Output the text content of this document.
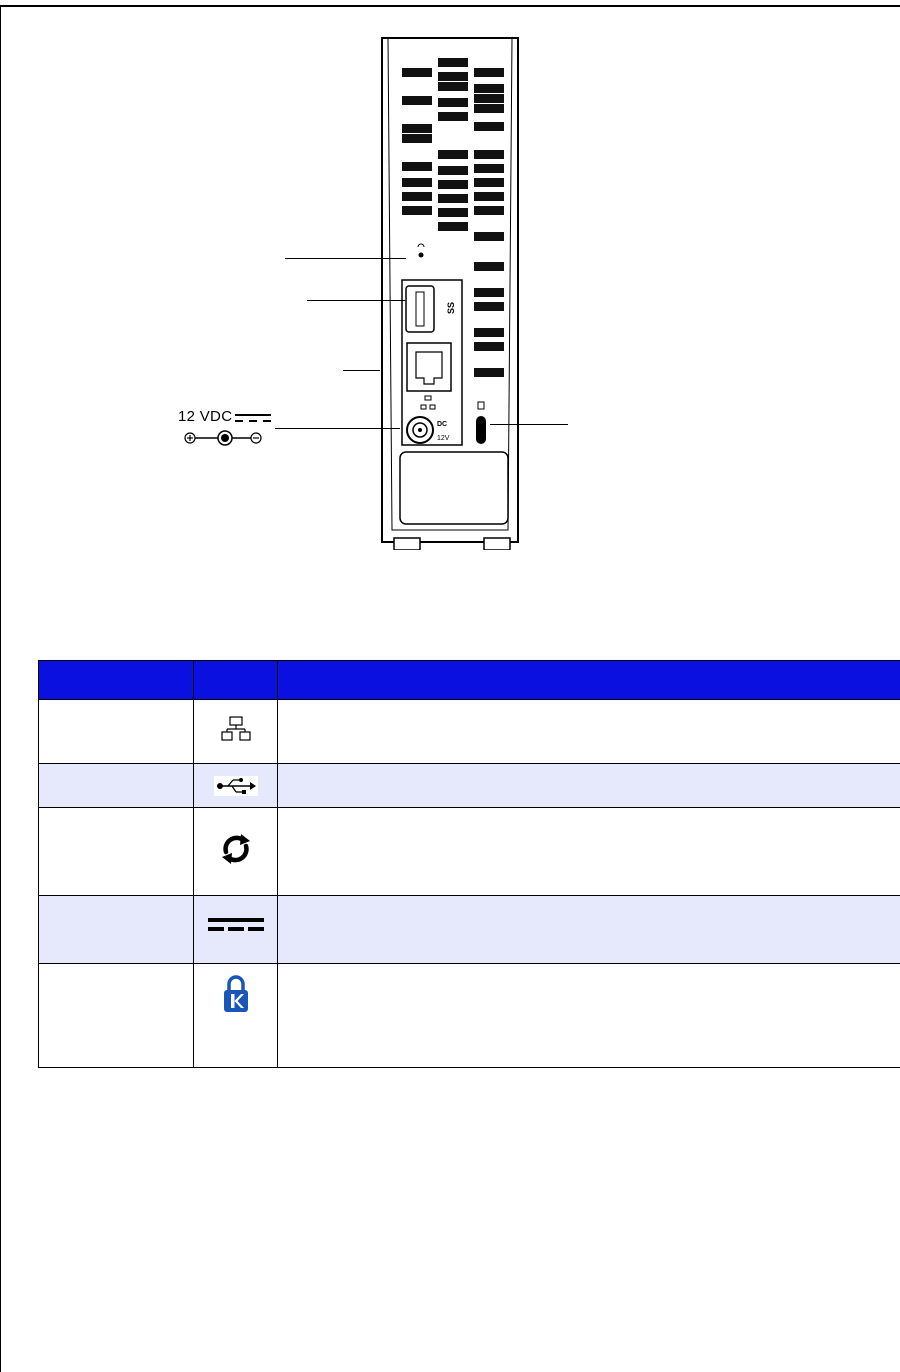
SS
DC
12V
12 VDC
